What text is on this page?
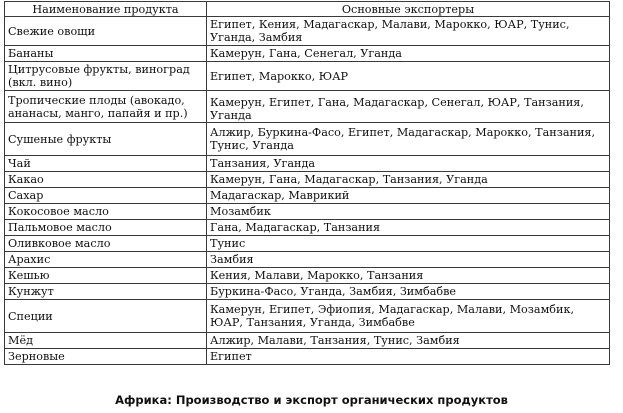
Наименование продукта	Основные экспортеры
Свежие овощи	Египет, Кения, Мадагаскар, Малави, Марокко, ЮАР, Тунис, Уганда, Замбия
Бананы	Камерун, Гана, Сенегал, Уганда
Цитрусовые фрукты, виноград (вкл. вино)	Египет, Марокко, ЮАР
Тропические плоды (авокадо, ананасы, манго, папайя и пр.)	Камерун, Египет, Гана, Мадагаскар, Сенегал, ЮАР, Танзания, Уганда
Сушеные фрукты	Алжир, Буркина-Фасо, Египет, Мадагаскар, Марокко, Танзания, Тунис, Уганда
Чай	Танзания, Уганда
Какао	Камерун, Гана, Мадагаскар, Танзания, Уганда
Сахар	Мадагаскар, Маврикий
Кокосовое масло	Мозамбик
Пальмовое масло	Гана, Мадагаскар, Танзания
Оливковое масло	Тунис
Арахис	Замбия
Кешью	Кения, Малави, Марокко, Танзания
Кунжут	Буркина-Фасо, Уганда, Замбия, Зимбабве
Специи	Камерун, Египет, Эфиопия, Мадагаскар, Малави, Мозамбик, ЮАР, Танзания, Уганда, Зимбабве
Мёд	Алжир, Малави, Танзания, Тунис, Замбия
Зерновые	Египет
Африка: Производство и экспорт органических продуктов
